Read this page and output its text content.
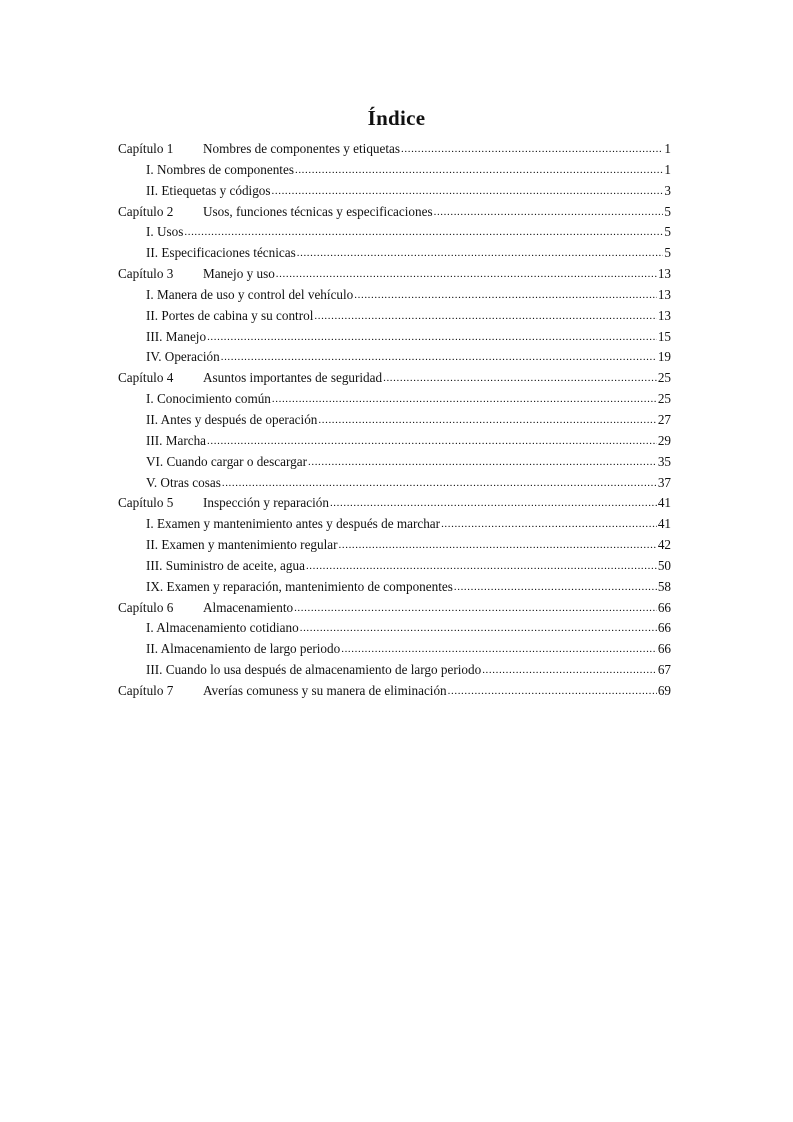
Índice
Capítulo 1	Nombres de componentes y etiquetas .....	1
I. Nombres de componentes .....	1
II. Etiequetas y códigos .....	3
Capítulo 2	Usos, funciones técnicas y especificaciones .....	5
I. Usos .....	5
II. Especificaciones técnicas .....	5
Capítulo 3	Manejo y uso .....	13
I. Manera de uso y control del vehículo .....	13
II. Portes de cabina y su control .....	13
III. Manejo .....	15
IV. Operación .....	19
Capítulo 4	Asuntos importantes de seguridad .....	25
I. Conocimiento común .....	25
II. Antes y después de operación .....	27
III. Marcha .....	29
VI. Cuando cargar o descargar .....	35
V. Otras cosas .....	37
Capítulo 5	Inspección y reparación .....	41
I. Examen y mantenimiento antes y después de marchar .....	41
II. Examen y mantenimiento regular .....	42
III. Suministro de aceite, agua .....	50
IX. Examen y reparación, mantenimiento de componentes .....	58
Capítulo 6	Almacenamiento .....	66
I. Almacenamiento cotidiano .....	66
II. Almacenamiento de largo periodo .....	66
III. Cuando lo usa después de almacenamiento de largo periodo .....	67
Capítulo 7	Averías comuness y su manera de eliminación .....	69
